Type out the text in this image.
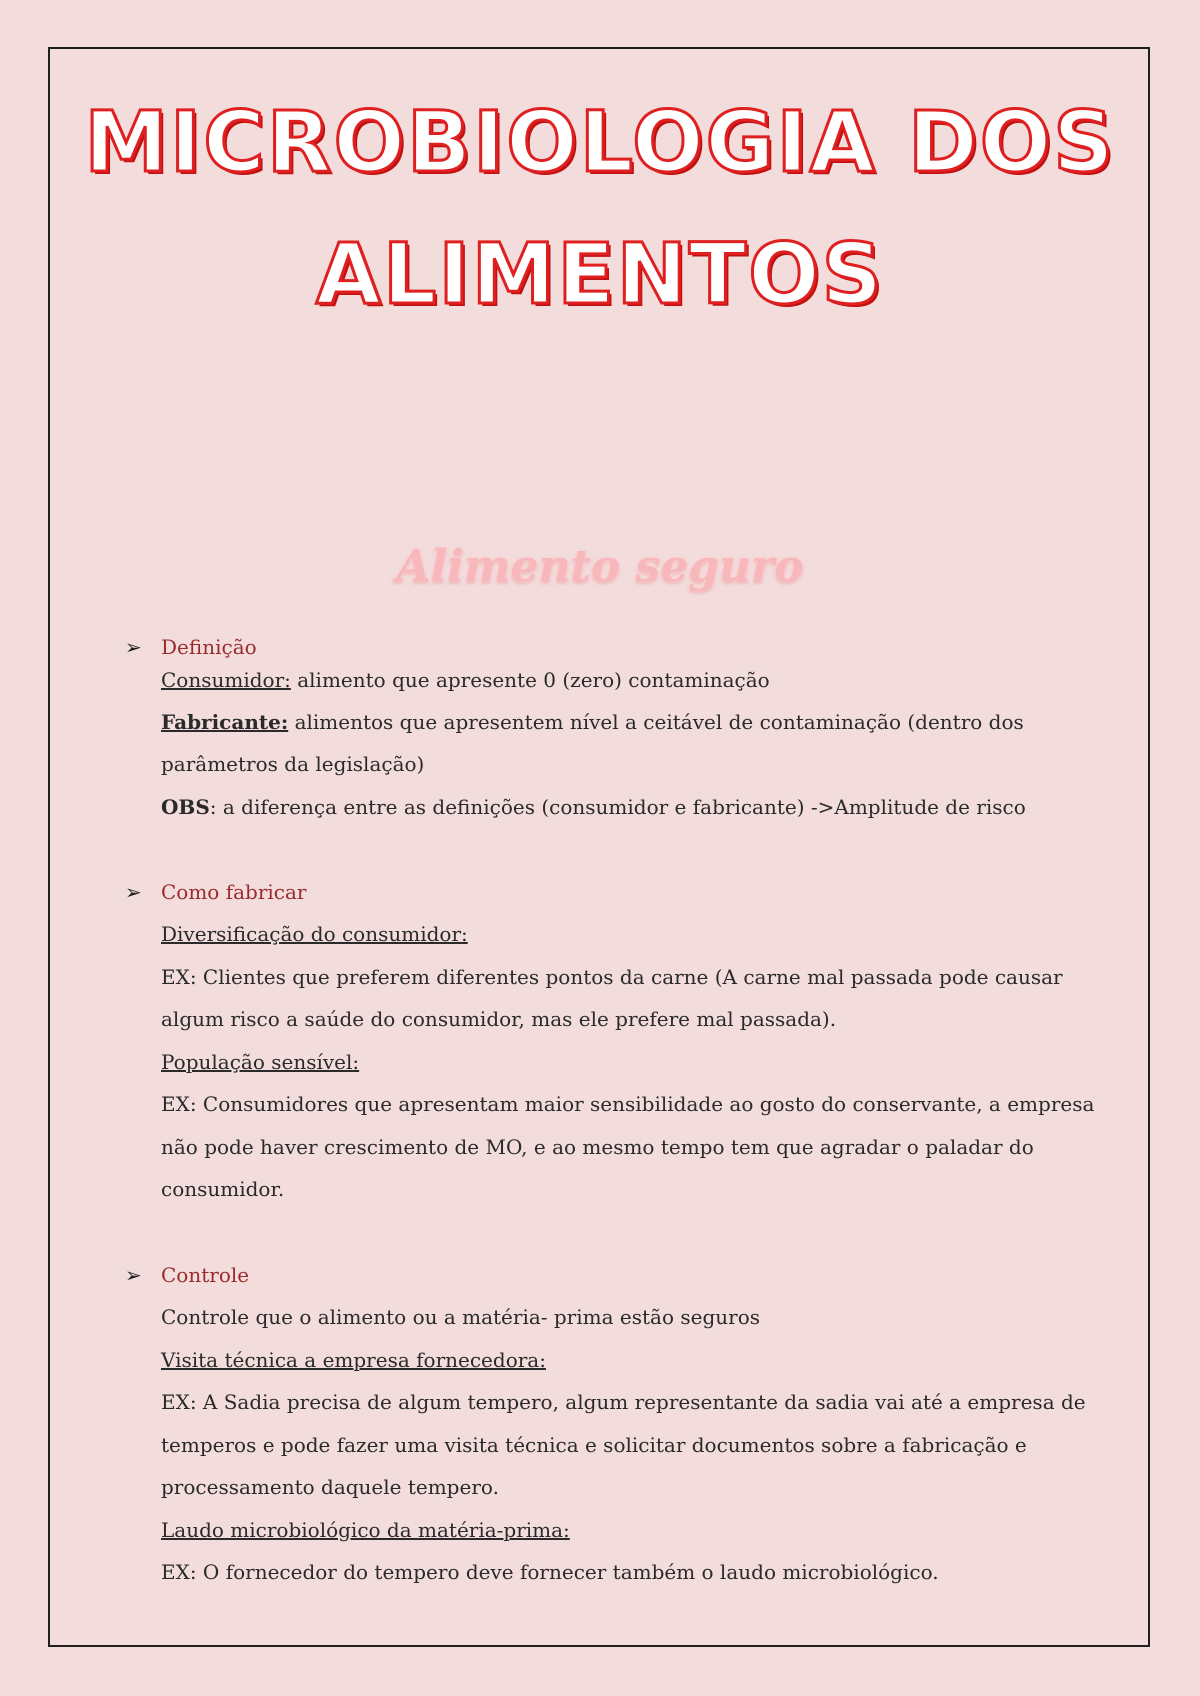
MICROBIOLOGIA DOS
ALIMENTOS
Alimento seguro
➢ Definição
Consumidor: alimento que apresente 0 (zero) contaminação
Fabricante: alimentos que apresentem nível a ceitável de contaminação (dentro dos
parâmetros da legislação)
OBS: a diferença entre as definições (consumidor e fabricante) ->Amplitude de risco
➢ Como fabricar
Diversificação do consumidor:
EX: Clientes que preferem diferentes pontos da carne (A carne mal passada pode causar
algum risco a saúde do consumidor, mas ele prefere mal passada).
População sensível:
EX: Consumidores que apresentam maior sensibilidade ao gosto do conservante, a empresa
não pode haver crescimento de MO, e ao mesmo tempo tem que agradar o paladar do
consumidor.
➢ Controle
Controle que o alimento ou a matéria- prima estão seguros
Visita técnica a empresa fornecedora:
EX: A Sadia precisa de algum tempero, algum representante da sadia vai até a empresa de
temperos e pode fazer uma visita técnica e solicitar documentos sobre a fabricação e
processamento daquele tempero.
Laudo microbiológico da matéria-prima:
EX: O fornecedor do tempero deve fornecer também o laudo microbiológico.
